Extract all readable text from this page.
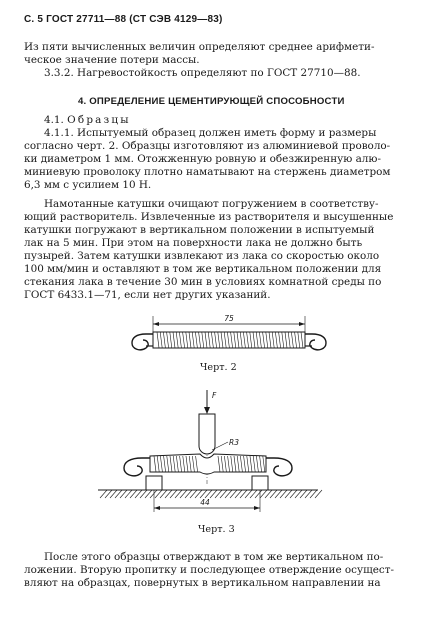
С. 5 ГОСТ 27711—88 (СТ СЭВ 4129—83)
Из пяти вычисленных величин определяют среднее арифмети-
ческое значение потери массы.
3.3.2. Нагревостойкость определяют по ГОСТ 27710—88.
4. ОПРЕДЕЛЕНИЕ ЦЕМЕНТИРУЮЩЕЙ СПОСОБНОСТИ
4.1. Образцы
4.1.1. Испытуемый образец должен иметь форму и размеры
согласно черт. 2. Образцы изготовляют из алюминиевой проволо-
ки диаметром 1 мм. Отожженную ровную и обезжиренную алю-
миниевую проволоку плотно наматывают на стержень диаметром
6,3 мм с усилием 10 Н.
Намотанные катушки очищают погружением в соответству-
ющий растворитель. Извлеченные из растворителя и высушенные
катушки погружают в вертикальном положении в испытуемый
лак на 5 мин. При этом на поверхности лака не должно быть
пузырей. Затем катушки извлекают из лака со скоростью около
100 мм/мин и оставляют в том же вертикальном положении для
стекания лака в течение 30 мин в условиях комнатной среды по
ГОСТ 6433.1—71, если нет других указаний.
75
Черт. 2
F
R3
44
Черт. 3
После этого образцы отверждают в том же вертикальном по-
ложении. Вторую пропитку и последующее отверждение осущест-
вляют на образцах, повернутых в вертикальном направлении на
